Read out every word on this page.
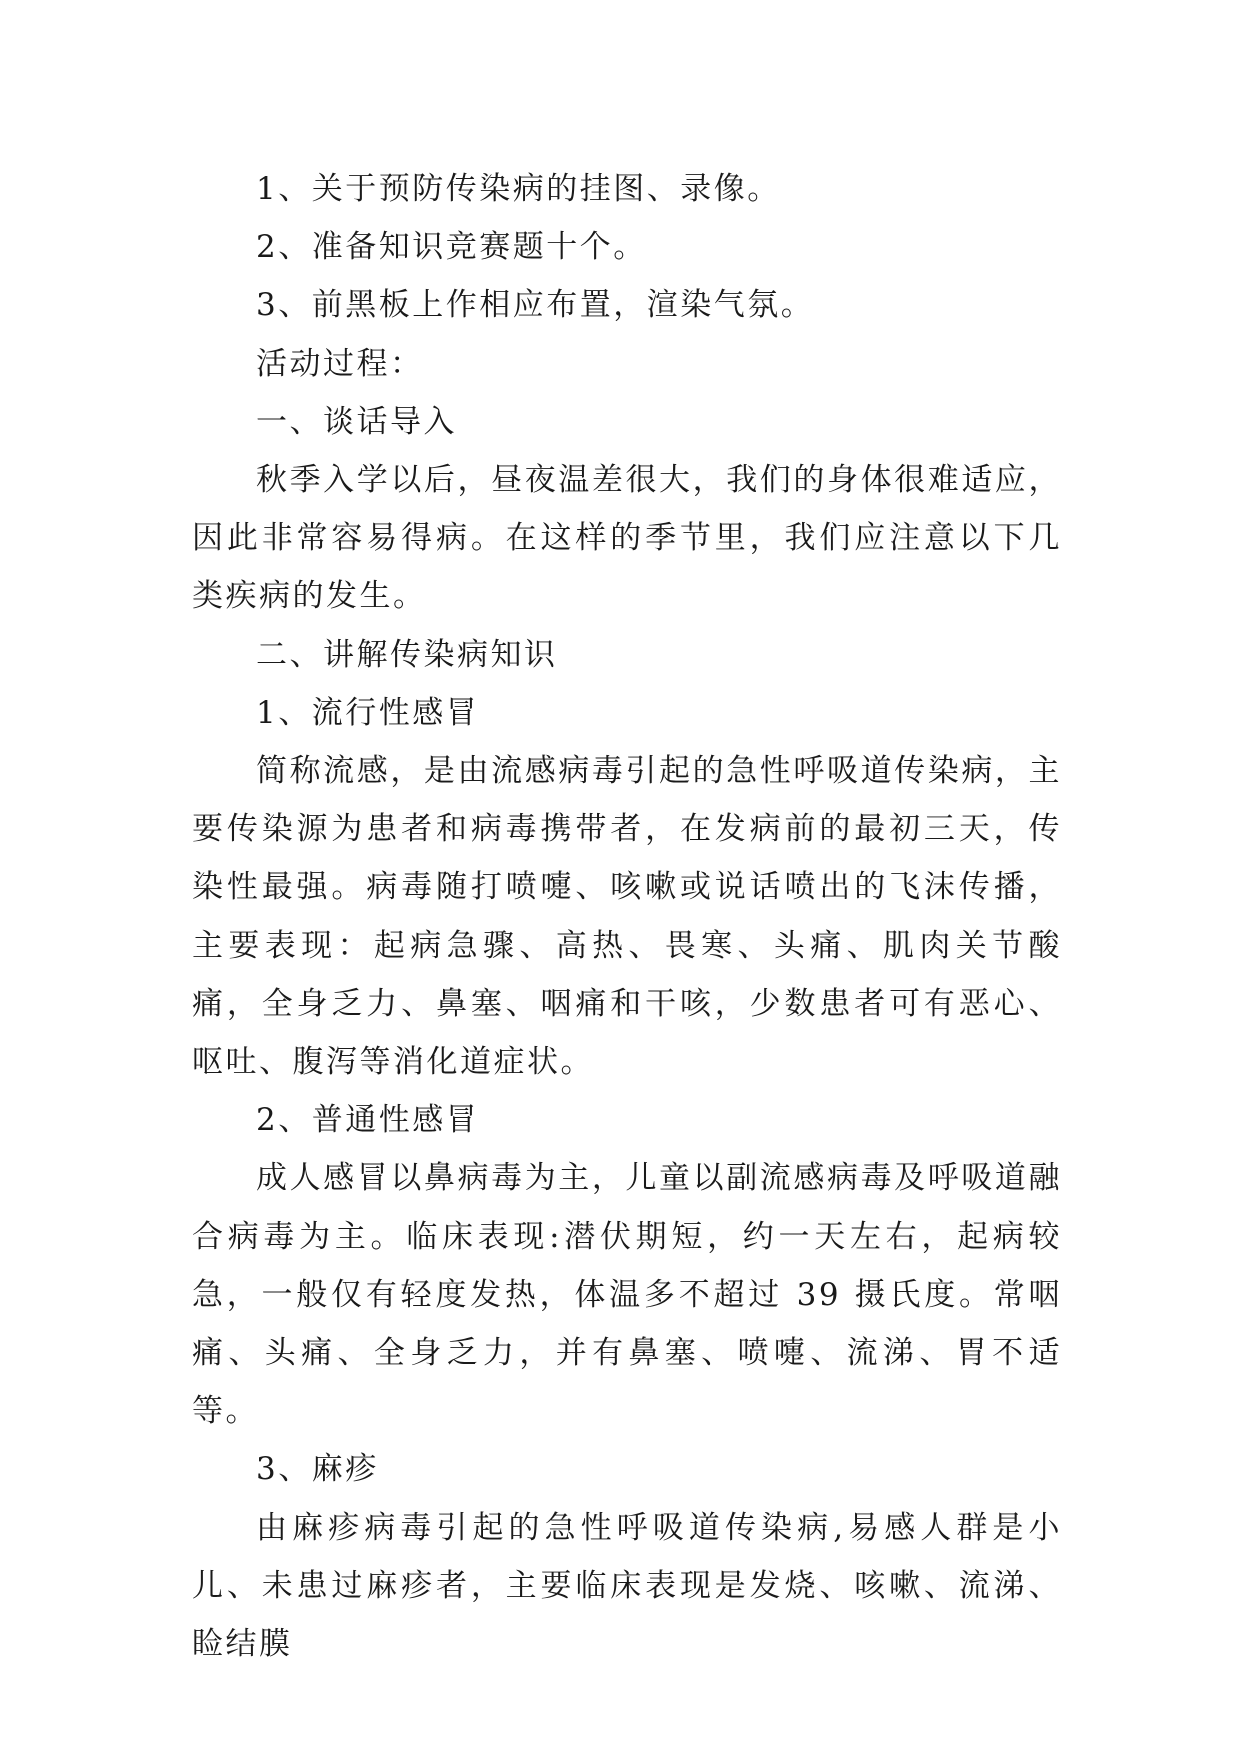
1、关于预防传染病的挂图、录像。

2、准备知识竞赛题十个。

3、前黑板上作相应布置，渲染气氛。

活动过程：

一、谈话导入

秋季入学以后，昼夜温差很大，我们的身体很难适应，因此非常容易得病。在这样的季节里，我们应注意以下几类疾病的发生。

二、讲解传染病知识

1、流行性感冒

简称流感，是由流感病毒引起的急性呼吸道传染病，主要传染源为患者和病毒携带者，在发病前的最初三天，传染性最强。病毒随打喷嚏、咳嗽或说话喷出的飞沫传播，主要表现：起病急骤、高热、畏寒、头痛、肌肉关节酸痛，全身乏力、鼻塞、咽痛和干咳，少数患者可有恶心、呕吐、腹泻等消化道症状。

2、普通性感冒

成人感冒以鼻病毒为主，儿童以副流感病毒及呼吸道融合病毒为主。临床表现:潜伏期短，约一天左右，起病较急，一般仅有轻度发热，体温多不超过 39 摄氏度。常咽痛、头痛、全身乏力，并有鼻塞、喷嚏、流涕、胃不适等。

3、麻疹

由麻疹病毒引起的急性呼吸道传染病,易感人群是小儿、未患过麻疹者，主要临床表现是发烧、咳嗽、流涕、睑结膜
